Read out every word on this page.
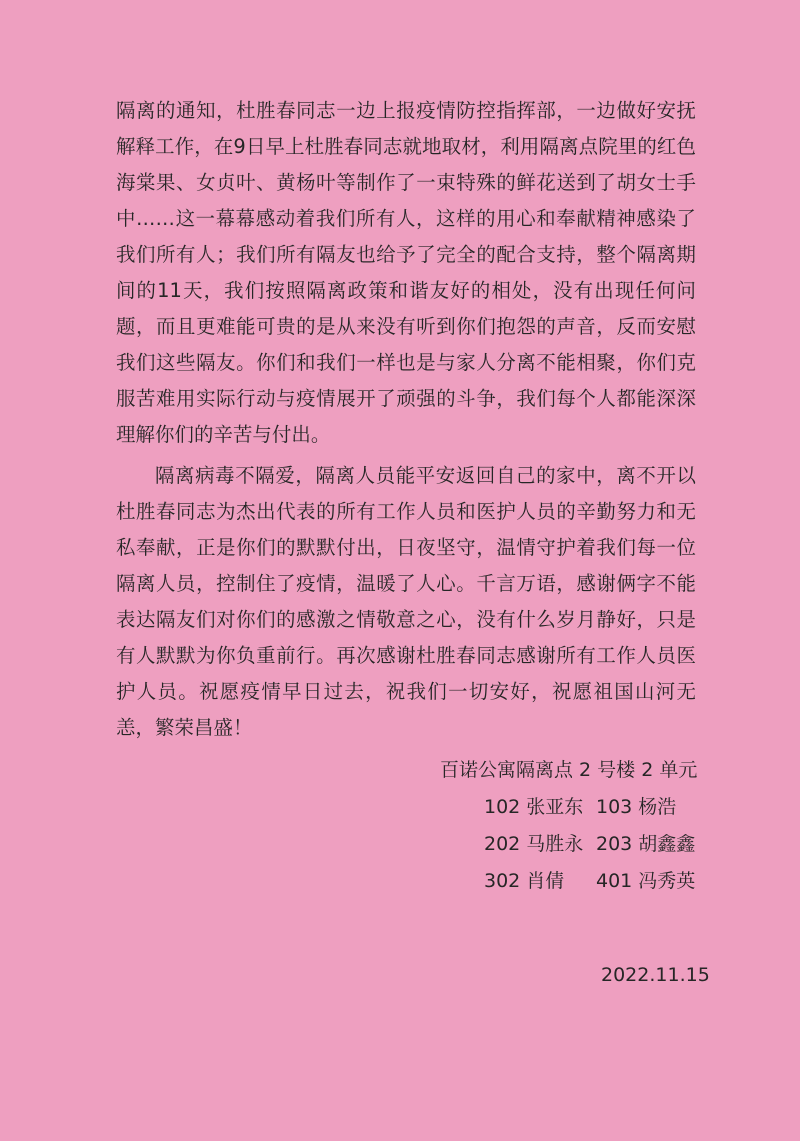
隔离的通知，杜胜春同志一边上报疫情防控指挥部，一边做好安抚解释工作，在9日早上杜胜春同志就地取材，利用隔离点院里的红色海棠果、女贞叶、黄杨叶等制作了一束特殊的鲜花送到了胡女士手中……这一幕幕感动着我们所有人，这样的用心和奉献精神感染了我们所有人；我们所有隔友也给予了完全的配合支持，整个隔离期间的11天，我们按照隔离政策和谐友好的相处，没有出现任何问题，而且更难能可贵的是从来没有听到你们抱怨的声音，反而安慰我们这些隔友。你们和我们一样也是与家人分离不能相聚，你们克服苦难用实际行动与疫情展开了顽强的斗争，我们每个人都能深深理解你们的辛苦与付出。

隔离病毒不隔爱，隔离人员能平安返回自己的家中，离不开以杜胜春同志为杰出代表的所有工作人员和医护人员的辛勤努力和无私奉献，正是你们的默默付出，日夜坚守，温情守护着我们每一位隔离人员，控制住了疫情，温暖了人心。千言万语，感谢俩字不能表达隔友们对你们的感激之情敬意之心，没有什么岁月静好，只是有人默默为你负重前行。再次感谢杜胜春同志感谢所有工作人员医护人员。祝愿疫情早日过去，祝我们一切安好，祝愿祖国山河无恙，繁荣昌盛！

百诺公寓隔离点 2 号楼 2 单元
102 张亚东 103 杨浩
202 马胜永 203 胡鑫鑫
302 肖倩	401 冯秀英
2022.11.15
